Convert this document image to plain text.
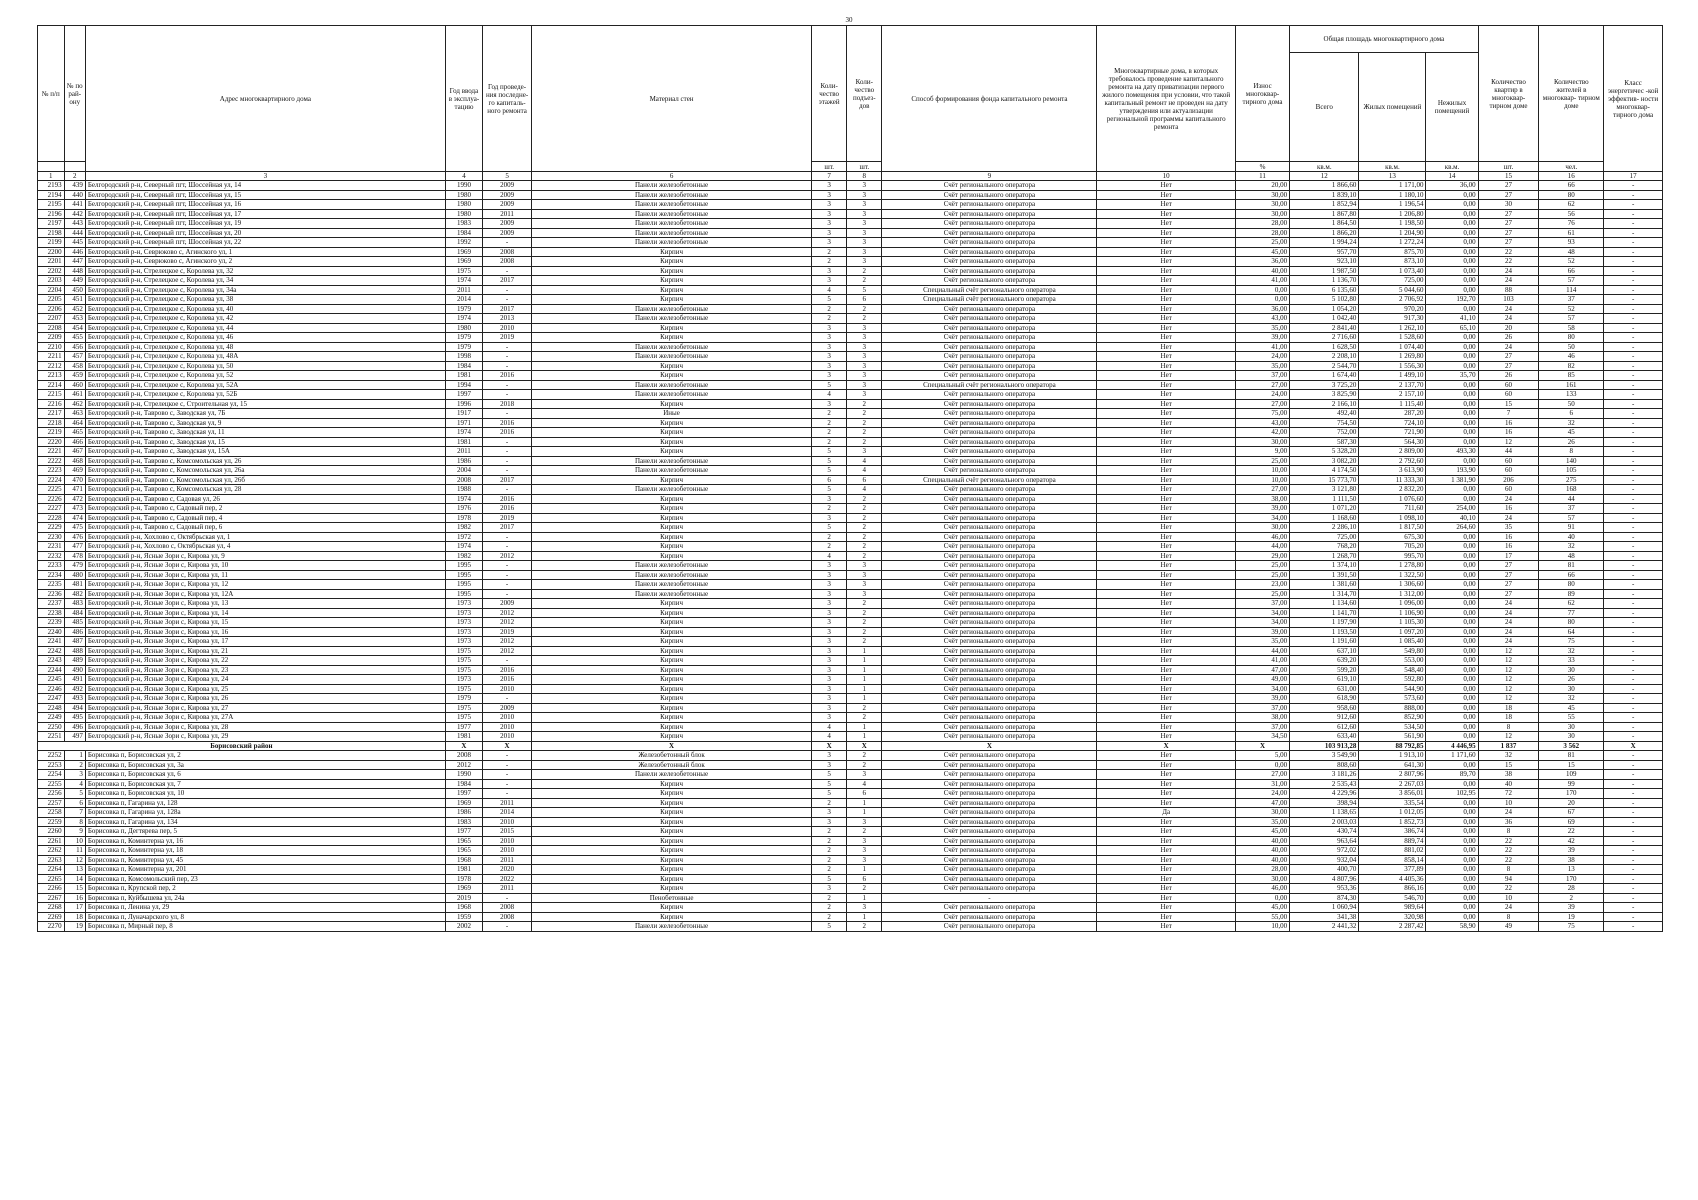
30
№ п/п	№ по рай- ону	Адрес многоквартирного дома	Год ввода в эксплуа- тацию	Год проведе- ния последне- го капиталь- ного ремонта	Материал стен	Коли- чество этажей	Коли- чество подъез- дов	Способ формирования фонда капитального ремонта	Многоквартирные дома, в которых требовалось проведение капитального ремонта на дату приватизации первого жилого помещения при условии, что такой капитальный ремонт не проведен на дату утверждения или актуализации региональной программы капитального ремонта	Износ многоквар- тирного дома	Общая площадь многоквартирного дома			Количество квартир в многоквар- тирном доме	Количество жителей в многоквар- тирном доме	Класс энергетичес -кой эффектив- ности многоквар- тирного дома
											Всего	Жилых помещений	Нежилых помещений			
						шт.	шт.			%	кв.м.	кв.м.	кв.м.	шт.	чел.	
1	2	3	4	5	6	7	8	9	10	11	12	13	14	15	16	17
2193	439	Белгородский р-н, Северный пгт, Шоссейная ул, 14	1990	2009	Панели железобетонные	3	3	Счёт регионального оператора	Нет	20,00	1 866,60	1 171,00	36,00	27	66	-
2194	440	Белгородский р-н, Северный пгт, Шоссейная ул, 15	1980	2009	Панели железобетонные	3	3	Счёт регионального оператора	Нет	30,00	1 839,10	1 180,10	0,00	27	80	-
2195	441	Белгородский р-н, Северный пгт, Шоссейная ул, 16	1980	2009	Панели железобетонные	3	3	Счёт регионального оператора	Нет	30,00	1 852,94	1 196,54	0,00	30	62	-
2196	442	Белгородский р-н, Северный пгт, Шоссейная ул, 17	1980	2011	Панели железобетонные	3	3	Счёт регионального оператора	Нет	30,00	1 867,80	1 206,80	0,00	27	56	-
2197	443	Белгородский р-н, Северный пгт, Шоссейная ул, 19	1983	2009	Панели железобетонные	3	3	Счёт регионального оператора	Нет	28,00	1 864,50	1 198,50	0,00	27	76	-
2198	444	Белгородский р-н, Северный пгт, Шоссейная ул, 20	1984	2009	Панели железобетонные	3	3	Счёт регионального оператора	Нет	28,00	1 866,20	1 204,90	0,00	27	61	-
2199	445	Белгородский р-н, Северный пгт, Шоссейная ул, 22	1992	-	Панели железобетонные	3	3	Счёт регионального оператора	Нет	25,00	1 994,24	1 272,24	0,00	27	93	-
2200	446	Белгородский р-н, Севрюково с, Агинского ул, 1	1969	2008	Кирпич	2	3	Счёт регионального оператора	Нет	45,00	957,70	875,70	0,00	22	48	-
2201	447	Белгородский р-н, Севрюково с, Агинского ул, 2	1969	2008	Кирпич	2	3	Счёт регионального оператора	Нет	36,00	923,10	873,10	0,00	22	52	-
2202	448	Белгородский р-н, Стрелецкое с, Королева ул, 32	1975	-	Кирпич	3	2	Счёт регионального оператора	Нет	40,00	1 987,50	1 073,40	0,00	24	66	-
2203	449	Белгородский р-н, Стрелецкое с, Королева ул, 34	1974	2017	Кирпич	3	2	Счёт регионального оператора	Нет	41,00	1 136,70	725,00	0,00	24	57	-
2204	450	Белгородский р-н, Стрелецкое с, Королева ул, 34а	2011	-	Кирпич	4	5	Специальный счёт регионального оператора	Нет	0,00	6 135,60	5 044,60	0,00	88	114	-
2205	451	Белгородский р-н, Стрелецкое с, Королева ул, 38	2014	-	Кирпич	5	6	Специальный счёт регионального оператора	Нет	0,00	5 102,80	2 706,92	192,70	103	37	-
2206	452	Белгородский р-н, Стрелецкое с, Королева ул, 40	1979	2017	Панели железобетонные	2	2	Счёт регионального оператора	Нет	36,00	1 054,20	970,20	0,00	24	52	-
2207	453	Белгородский р-н, Стрелецкое с, Королева ул, 42	1974	2013	Панели железобетонные	2	2	Счёт регионального оператора	Нет	43,00	1 042,40	917,30	41,10	24	57	-
2208	454	Белгородский р-н, Стрелецкое с, Королева ул, 44	1980	2010	Кирпич	3	3	Счёт регионального оператора	Нет	35,00	2 841,40	1 262,10	65,10	20	58	-
2209	455	Белгородский р-н, Стрелецкое с, Королева ул, 46	1979	2019	Кирпич	3	3	Счёт регионального оператора	Нет	39,00	2 716,60	1 528,60	0,00	26	80	-
2210	456	Белгородский р-н, Стрелецкое с, Королева ул, 48	1979	-	Панели железобетонные	3	3	Счёт регионального оператора	Нет	41,00	1 628,50	1 074,40	0,00	24	50	-
2211	457	Белгородский р-н, Стрелецкое с, Королева ул, 48А	1998	-	Панели железобетонные	3	3	Счёт регионального оператора	Нет	24,00	2 208,10	1 269,80	0,00	27	46	-
2212	458	Белгородский р-н, Стрелецкое с, Королева ул, 50	1984	-	Кирпич	3	3	Счёт регионального оператора	Нет	35,00	2 544,70	1 556,30	0,00	27	82	-
2213	459	Белгородский р-н, Стрелецкое с, Королева ул, 52	1981	2016	Кирпич	3	3	Счёт регионального оператора	Нет	37,00	1 674,40	1 499,10	35,70	26	85	-
2214	460	Белгородский р-н, Стрелецкое с, Королева ул, 52А	1994	-	Панели железобетонные	5	3	Специальный счёт регионального оператора	Нет	27,00	3 725,20	2 137,70	0,00	60	161	-
2215	461	Белгородский р-н, Стрелецкое с, Королева ул, 52Б	1997	-	Панели железобетонные	4	3	Счёт регионального оператора	Нет	24,00	3 825,90	2 157,10	0,00	60	133	-
2216	462	Белгородский р-н, Стрелецкое с, Строительная ул, 15	1996	2018	Кирпич	3	2	Счёт регионального оператора	Нет	27,00	2 166,10	1 115,40	0,00	15	50	-
2217	463	Белгородский р-н, Таврово с, Заводская ул, 7Б	1917	-	Иные	2	2	Счёт регионального оператора	Нет	75,00	492,40	287,20	0,00	7	6	-
2218	464	Белгородский р-н, Таврово с, Заводская ул, 9	1971	2016	Кирпич	2	2	Счёт регионального оператора	Нет	43,00	754,50	724,10	0,00	16	32	-
2219	465	Белгородский р-н, Таврово с, Заводская ул, 11	1974	2016	Кирпич	2	2	Счёт регионального оператора	Нет	42,00	752,00	721,90	0,00	16	45	-
2220	466	Белгородский р-н, Таврово с, Заводская ул, 15	1981	-	Кирпич	2	2	Счёт регионального оператора	Нет	30,00	587,30	564,30	0,00	12	26	-
2221	467	Белгородский р-н, Таврово с, Заводская ул, 15А	2011	-	Кирпич	5	3	Счёт регионального оператора	Нет	9,00	5 328,20	2 809,00	493,30	44	8	-
2222	468	Белгородский р-н, Таврово с, Комсомольская ул, 26	1986	-	Панели железобетонные	5	4	Счёт регионального оператора	Нет	25,00	3 082,20	2 792,60	0,00	60	140	-
2223	469	Белгородский р-н, Таврово с, Комсомольская ул, 26а	2004	-	Панели железобетонные	5	4	Счёт регионального оператора	Нет	10,00	4 174,50	3 613,90	193,90	60	105	-
2224	470	Белгородский р-н, Таврово с, Комсомольская ул, 26б	2008	2017	Кирпич	6	6	Специальный счёт регионального оператора	Нет	10,00	15 773,70	11 333,30	1 381,90	206	275	-
2225	471	Белгородский р-н, Таврово с, Комсомольская ул, 28	1988	-	Панели железобетонные	5	4	Счёт регионального оператора	Нет	27,00	3 121,80	2 832,20	0,00	60	168	-
2226	472	Белгородский р-н, Таврово с, Садовая ул, 26	1974	2016	Кирпич	3	2	Счёт регионального оператора	Нет	38,00	1 111,50	1 076,60	0,00	24	44	-
2227	473	Белгородский р-н, Таврово с, Садовый пер, 2	1976	2016	Кирпич	2	2	Счёт регионального оператора	Нет	39,00	1 071,20	711,60	254,00	16	37	-
2228	474	Белгородский р-н, Таврово с, Садовый пер, 4	1978	2019	Кирпич	3	2	Счёт регионального оператора	Нет	34,00	1 168,60	1 098,10	40,10	24	57	-
2229	475	Белгородский р-н, Таврово с, Садовый пер, 6	1982	2017	Кирпич	5	2	Счёт регионального оператора	Нет	30,00	2 286,10	1 817,50	264,60	35	91	-
2230	476	Белгородский р-н, Хохлово с, Октябрьская ул, 1	1972	-	Кирпич	2	2	Счёт регионального оператора	Нет	46,00	725,00	675,30	0,00	16	40	-
2231	477	Белгородский р-н, Хохлово с, Октябрьская ул, 4	1974	-	Кирпич	2	2	Счёт регионального оператора	Нет	44,00	768,20	705,20	0,00	16	32	-
2232	478	Белгородский р-н, Ясные Зори с, Кирова ул, 9	1982	2012	Кирпич	4	2	Счёт регионального оператора	Нет	29,00	1 268,70	995,70	0,00	17	48	-
2233	479	Белгородский р-н, Ясные Зори с, Кирова ул, 10	1995	-	Панели железобетонные	3	3	Счёт регионального оператора	Нет	25,00	1 374,10	1 278,80	0,00	27	81	-
2234	480	Белгородский р-н, Ясные Зори с, Кирова ул, 11	1995	-	Панели железобетонные	3	3	Счёт регионального оператора	Нет	25,00	1 391,50	1 322,50	0,00	27	66	-
2235	481	Белгородский р-н, Ясные Зори с, Кирова ул, 12	1995	-	Панели железобетонные	3	3	Счёт регионального оператора	Нет	23,00	1 381,60	1 306,60	0,00	27	80	-
2236	482	Белгородский р-н, Ясные Зори с, Кирова ул, 12А	1995	-	Панели железобетонные	3	3	Счёт регионального оператора	Нет	25,00	1 314,70	1 312,00	0,00	27	89	-
2237	483	Белгородский р-н, Ясные Зори с, Кирова ул, 13	1973	2009	Кирпич	3	2	Счёт регионального оператора	Нет	37,00	1 134,60	1 096,00	0,00	24	62	-
2238	484	Белгородский р-н, Ясные Зори с, Кирова ул, 14	1973	2012	Кирпич	3	2	Счёт регионального оператора	Нет	34,00	1 141,70	1 106,90	0,00	24	77	-
2239	485	Белгородский р-н, Ясные Зори с, Кирова ул, 15	1973	2012	Кирпич	3	2	Счёт регионального оператора	Нет	34,00	1 197,90	1 105,30	0,00	24	80	-
2240	486	Белгородский р-н, Ясные Зори с, Кирова ул, 16	1973	2019	Кирпич	3	2	Счёт регионального оператора	Нет	39,00	1 193,50	1 097,20	0,00	24	64	-
2241	487	Белгородский р-н, Ясные Зори с, Кирова ул, 17	1973	2012	Кирпич	3	2	Счёт регионального оператора	Нет	35,00	1 191,60	1 085,40	0,00	24	75	-
2242	488	Белгородский р-н, Ясные Зори с, Кирова ул, 21	1975	2012	Кирпич	3	1	Счёт регионального оператора	Нет	44,00	637,10	549,80	0,00	12	32	-
2243	489	Белгородский р-н, Ясные Зори с, Кирова ул, 22	1975	-	Кирпич	3	1	Счёт регионального оператора	Нет	41,00	639,20	553,00	0,00	12	33	-
2244	490	Белгородский р-н, Ясные Зори с, Кирова ул, 23	1975	2016	Кирпич	3	1	Счёт регионального оператора	Нет	47,00	599,20	548,40	0,00	12	30	-
2245	491	Белгородский р-н, Ясные Зори с, Кирова ул, 24	1973	2016	Кирпич	3	1	Счёт регионального оператора	Нет	49,00	619,10	592,80	0,00	12	26	-
2246	492	Белгородский р-н, Ясные Зори с, Кирова ул, 25	1975	2010	Кирпич	3	1	Счёт регионального оператора	Нет	34,00	631,00	544,90	0,00	12	30	-
2247	493	Белгородский р-н, Ясные Зори с, Кирова ул, 26	1979	-	Кирпич	3	1	Счёт регионального оператора	Нет	39,00	618,90	573,60	0,00	12	32	-
2248	494	Белгородский р-н, Ясные Зори с, Кирова ул, 27	1975	2009	Кирпич	3	2	Счёт регионального оператора	Нет	37,00	958,60	888,00	0,00	18	45	-
2249	495	Белгородский р-н, Ясные Зори с, Кирова ул, 27А	1975	2010	Кирпич	3	2	Счёт регионального оператора	Нет	38,00	912,60	852,90	0,00	18	55	-
2250	496	Белгородский р-н, Ясные Зори с, Кирова ул, 28	1977	2010	Кирпич	4	1	Счёт регионального оператора	Нет	37,00	612,60	534,50	0,00	8	30	-
2251	497	Белгородский р-н, Ясные Зори с, Кирова ул, 29	1981	2010	Кирпич	4	1	Счёт регионального оператора	Нет	34,50	633,40	561,90	0,00	12	30	-
Борисовский район			X	X	X	X	X	X	X	X	103 913,28	88 792,85	4 446,95	1 837	3 562	X
2252	1	Борисовка п, Борисовская ул, 2	2008	-	Железобетонный блок	3	2	Счёт регионального оператора	Нет	5,00	3 549,90	1 913,10	1 171,60	32	81	-
2253	2	Борисовка п, Борисовская ул, 3а	2012	-	Железобетонный блок	3	2	Счёт регионального оператора	Нет	0,00	808,60	641,30	0,00	15	15	-
2254	3	Борисовка п, Борисовская ул, 6	1990	-	Панели железобетонные	5	3	Счёт регионального оператора	Нет	27,00	3 181,26	2 807,96	89,70	38	109	-
2255	4	Борисовка п, Борисовская ул, 7	1984	-	Кирпич	5	4	Счёт регионального оператора	Нет	31,00	2 535,43	2 267,03	0,00	40	99	-
2256	5	Борисовка п, Борисовская ул, 10	1997	-	Кирпич	5	6	Счёт регионального оператора	Нет	24,00	4 229,96	3 856,01	102,95	72	170	-
2257	6	Борисовка п, Гагарина ул, 128	1969	2011	Кирпич	2	1	Счёт регионального оператора	Нет	47,00	398,94	335,54	0,00	10	20	-
2258	7	Борисовка п, Гагарина ул, 128а	1986	2014	Кирпич	3	1	Счёт регионального оператора	Да	30,00	1 138,65	1 012,05	0,00	24	67	-
2259	8	Борисовка п, Гагарина ул, 134	1983	2010	Кирпич	3	3	Счёт регионального оператора	Нет	35,00	2 003,03	1 852,73	0,00	36	69	-
2260	9	Борисовка п, Дегтярева пер, 5	1977	2015	Кирпич	2	2	Счёт регионального оператора	Нет	45,00	430,74	386,74	0,00	8	22	-
2261	10	Борисовка п, Коминтерна ул, 16	1965	2010	Кирпич	2	3	Счёт регионального оператора	Нет	40,00	963,64	889,74	0,00	22	42	-
2262	11	Борисовка п, Коминтерна ул, 18	1965	2010	Кирпич	2	3	Счёт регионального оператора	Нет	40,00	972,02	881,02	0,00	22	39	-
2263	12	Борисовка п, Коминтерна ул, 45	1968	2011	Кирпич	2	3	Счёт регионального оператора	Нет	40,00	932,04	858,14	0,00	22	38	-
2264	13	Борисовка п, Коминтерна ул, 201	1981	2020	Кирпич	2	1	Счёт регионального оператора	Нет	28,00	400,70	377,89	0,00	8	13	-
2265	14	Борисовка п, Комсомольский пер, 23	1978	2022	Кирпич	5	6	Счёт регионального оператора	Нет	30,00	4 807,96	4 405,36	0,00	94	170	-
2266	15	Борисовка п, Крупской пер, 2	1969	2011	Кирпич	3	2	Счёт регионального оператора	Нет	46,00	953,36	866,16	0,00	22	28	-
2267	16	Борисовка п, Куйбышева ул, 24а	2019	-	Пенобетонные	2	1	-	Нет	0,00	874,30	546,70	0,00	10	2	-
2268	17	Борисовка п, Ленина ул, 29	1968	2008	Кирпич	2	3	Счёт регионального оператора	Нет	45,00	1 060,94	989,64	0,00	24	39	-
2269	18	Борисовка п, Луначарского ул, 8	1959	2008	Кирпич	2	1	Счёт регионального оператора	Нет	55,00	341,38	320,98	0,00	8	19	-
2270	19	Борисовка п, Мирный пер, 8	2002	-	Панели железобетонные	5	2	Счёт регионального оператора	Нет	10,00	2 441,32	2 287,42	58,90	49	75	-
